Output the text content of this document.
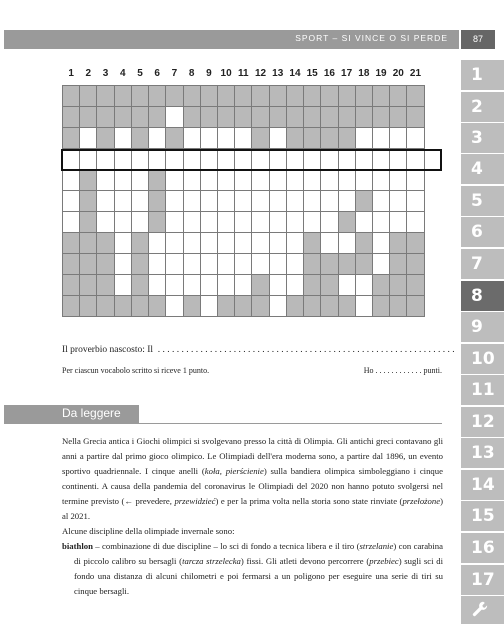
SPORT – SI VINCE O SI PERDE	87
1
2
3
4
5
6
7
8
9
10
11
12
13
14
15
16
17
1	2	3	4	5	6	7	8	9	10	11	12	13	14	15	16	17	18	19	20	21

Il proverbio nascosto: Il  . . . . . . . . . . . . . . . . . . . . . . . . . . . . . . . . . . . . . . . . . . . . . . . . . . . . . . . . . . . . . . .
Per ciascun vocabolo scritto si riceve 1 punto.	Ho . . . . . . . . . . . . punti.
Da leggere

Nella Grecia antica i Giochi olimpici si svolgevano presso la città di Olimpia. Gli antichi greci contavano gli anni a partire dal primo gioco olimpico. Le Olimpiadi dell'era moderna sono, a partire dal 1896, un evento sportivo quadriennale. I cinque anelli (koła, pierścienie) sulla bandiera olimpica simboleggiano i cinque continenti. A causa della pandemia del coronavirus le Olimpiadi del 2020 non hanno potuto svolgersi nel termine previsto (← prevedere, przewidzieć) e per la prima volta nella storia sono state rinviate (przełożone) al 2021.

Alcune discipline della olimpiade invernale sono:

biathlon – combinazione di due discipline – lo sci di fondo a tecnica libera e il tiro (strzelanie) con carabina di piccolo calibro su bersagli (tarcza strzelecka) fissi. Gli atleti devono percorrere (przebiec) sugli sci di fondo una distanza di alcuni chilometri e poi fermarsi a un poligono per eseguire una serie di tiri su cinque bersagli.
